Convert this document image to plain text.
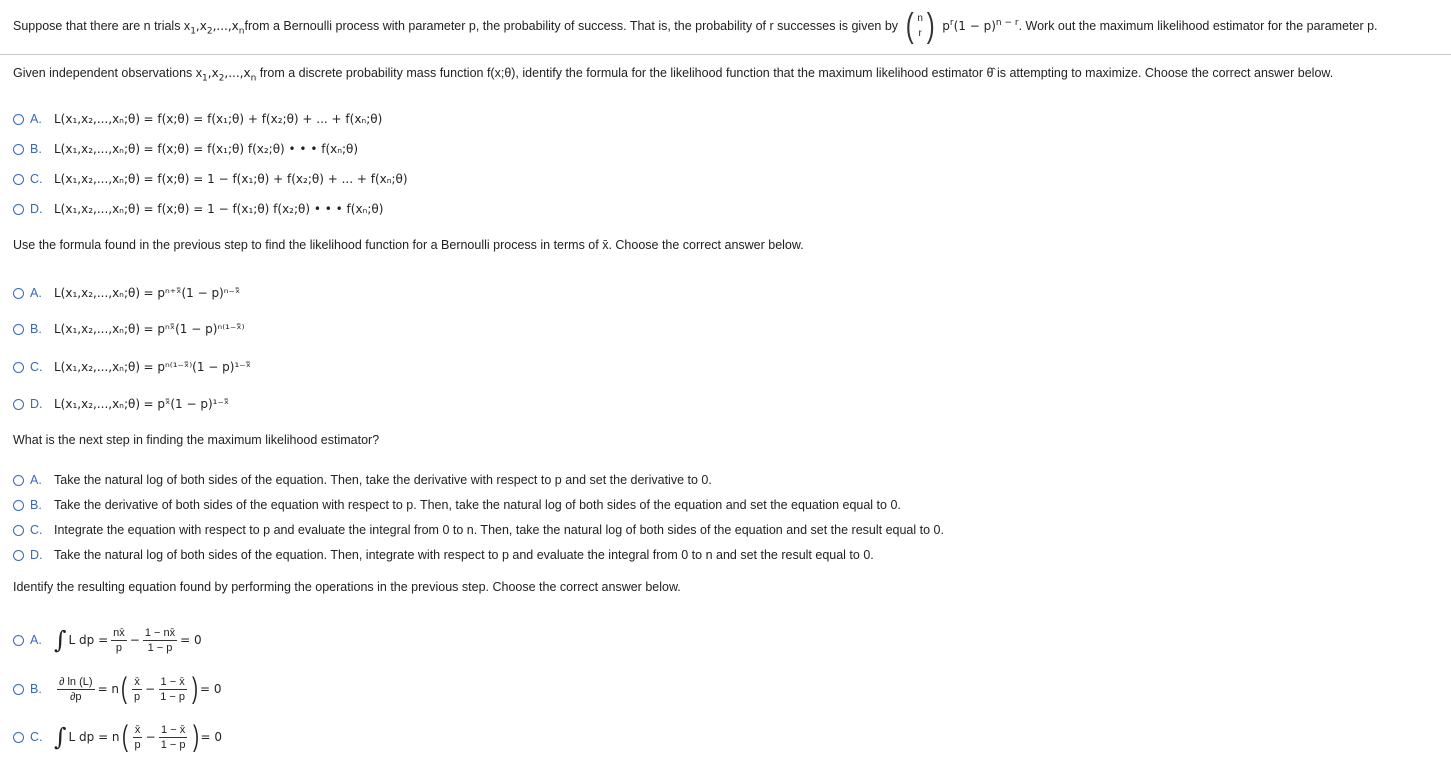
Suppose that there are n trials x $_1,x_2,...,x_n$ from a Bernoulli process with parameter p, the probability of success. That is, the probability of r successes is given by ( n
r ) $p^r(1 - p)^{n - r}$ . Work out the maximum likelihood estimator for the parameter p.
Given independent observations $x_1,x_2,...,x_n$ from a discrete probability mass function f(x;θ), identify the formula for the likelihood function that the maximum likelihood estimator θ̂ is attempting to maximize. Choose the correct answer below.
A. L(x₁,x₂,...,xₙ;θ)
= f(x;θ) = f(x₁;θ) + f(x₂;θ) + ... + f(xₙ;θ)
B. L(x₁,x₂,...,xₙ;θ)
= f(x;θ) = f(x₁;θ) f(x₂;θ) • • • f(xₙ;θ)
C. L(x₁,x₂,...,xₙ;θ)
= f(x;θ) = 1 − f(x₁;θ) + f(x₂;θ) + ... + f(xₙ;θ)
D. L(x₁,x₂,...,xₙ;θ)
= f(x;θ) = 1 − f(x₁;θ) f(x₂;θ) • • • f(xₙ;θ)
Use the formula found in the previous step to find the likelihood function for a Bernoulli process in terms of x̄. Choose the correct answer below.
A. L(x₁,x₂,...,xₙ;θ)
= pⁿ⁺ˣ̄(1 − p)ⁿ⁻ˣ̄
B. L(x₁,x₂,...,xₙ;θ)
= pⁿˣ̄(1 − p)ⁿ⁽¹⁻ˣ̄⁾
C. L(x₁,x₂,...,xₙ;θ)
= pⁿ⁽¹⁻ˣ̄⁾(1 − p)¹⁻ˣ̄
D. L(x₁,x₂,...,xₙ;θ)
= pˣ̄(1 − p)¹⁻ˣ̄
What is the next step in finding the maximum likelihood estimator?
A. Take the natural log of both sides of the equation. Then, take the derivative with respect to p and set the derivative to 0.
B. Take the derivative of both sides of the equation with respect to p. Then, take the natural log of both sides of the equation and set the equation equal to 0.
C. Integrate the equation with respect to p and evaluate the integral from 0 to n. Then, take the natural log of both sides of the equation and set the result equal to 0.
D. Take the natural log of both sides of the equation. Then, integrate with respect to p and evaluate the integral from 0 to n and set the result equal to 0.
Identify the resulting equation found by performing the operations in the previous step. Choose the correct answer below.
A. ∫ L dp = $\frac{nx̄}{p} - \frac{1 - nx̄}{1 - p} = 0$
B. $\frac{\partial \ln (L)}{\partial p} = n$ ( $\frac{x̄}{p} - \frac{1 - x̄}{1 - p}$ ) = 0
C. ∫ L dp = n ( $\frac{x̄}{p} - \frac{1 - x̄}{1 - p}$ ) = 0
